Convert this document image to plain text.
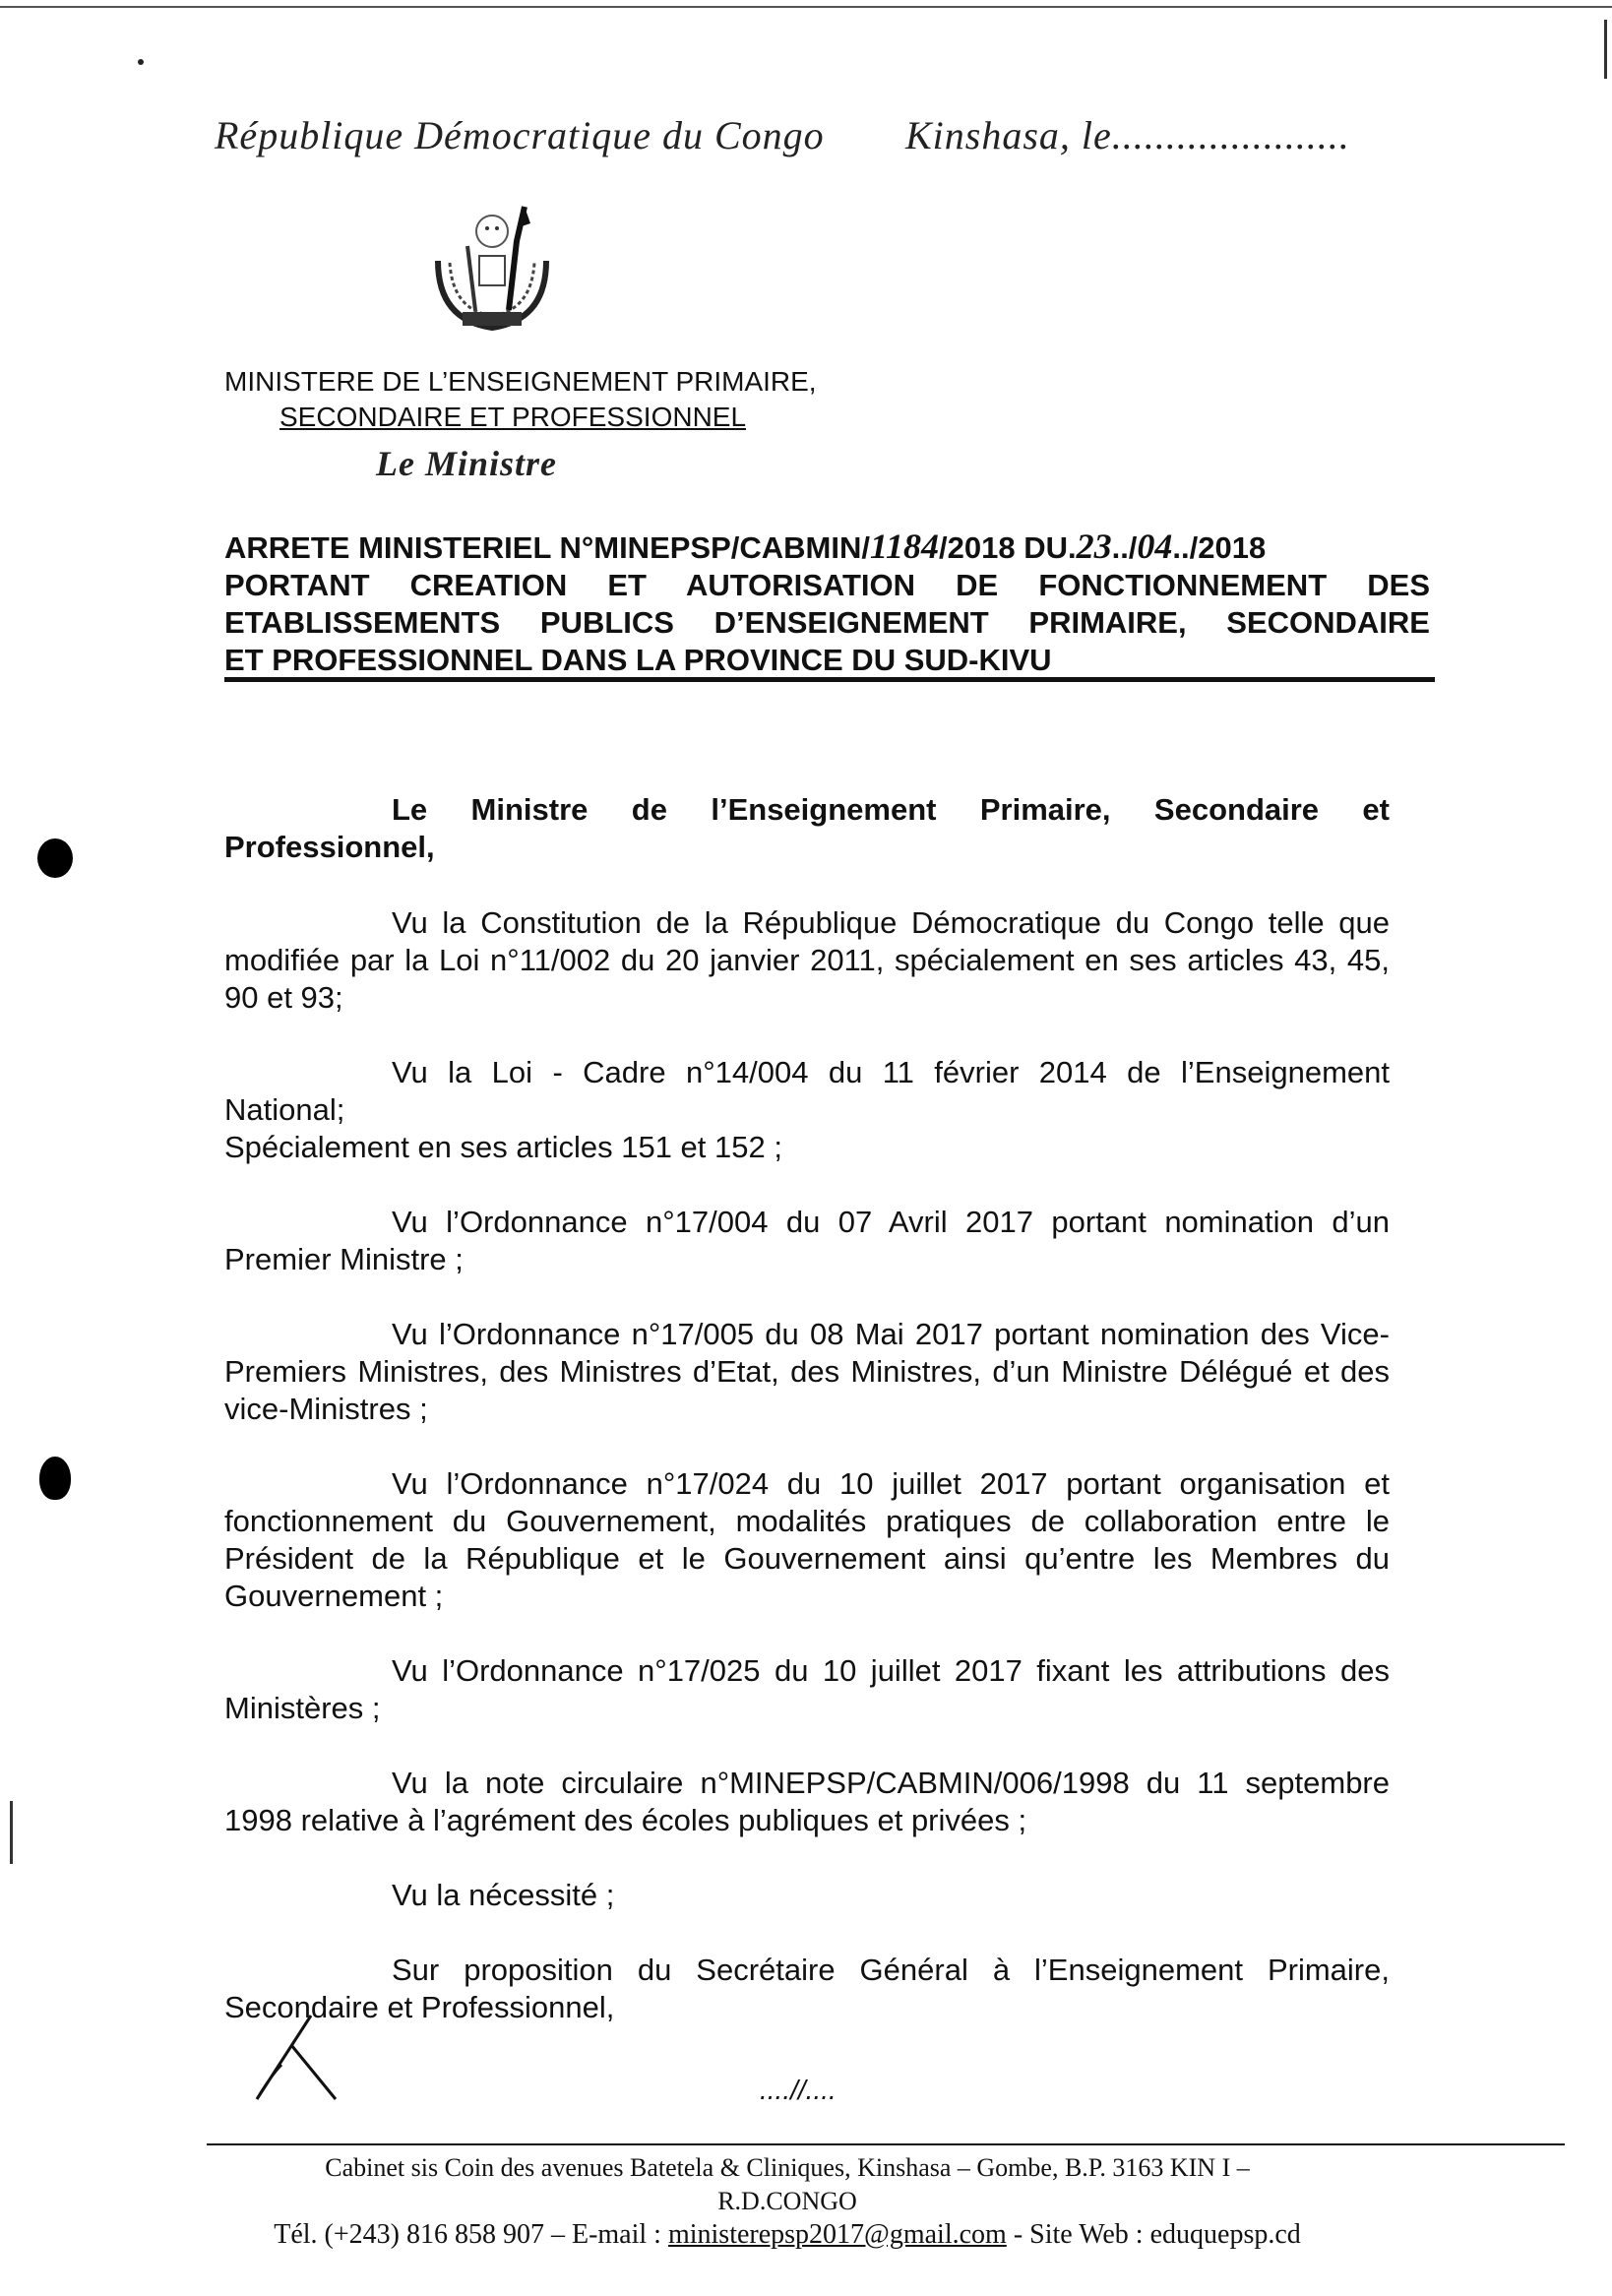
République Démocratique du Congo Kinshasa, le......................
MINISTERE DE L’ENSEIGNEMENT PRIMAIRE,
SECONDAIRE ET PROFESSIONNEL
Le Ministre
ARRETE MINISTERIEL N°MINEPSP/CABMIN/1184/2018 DU.23../04../2018
PORTANT CREATION ET AUTORISATION DE FONCTIONNEMENT DES
ETABLISSEMENTS PUBLICS D’ENSEIGNEMENT PRIMAIRE, SECONDAIRE
ET PROFESSIONNEL DANS LA PROVINCE DU SUD-KIVU
Le Ministre de l’Enseignement Primaire, Secondaire et Professionnel,
Vu la Constitution de la République Démocratique du Congo telle que modifiée par la Loi n°11/002 du 20 janvier 2011, spécialement en ses articles 43, 45, 90 et 93;
Vu la Loi - Cadre n°14/004 du 11 février 2014 de l’Enseignement
National;
Spécialement en ses articles 151 et 152 ;
Vu l’Ordonnance n°17/004 du 07 Avril 2017 portant nomination d’un Premier Ministre ;
Vu l’Ordonnance n°17/005 du 08 Mai 2017 portant nomination des Vice-Premiers Ministres, des Ministres d’Etat, des Ministres, d’un Ministre Délégué et des vice-Ministres ;
Vu l’Ordonnance n°17/024 du 10 juillet 2017 portant organisation et fonctionnement du Gouvernement, modalités pratiques de collaboration entre le Président de la République et le Gouvernement ainsi qu’entre les Membres du Gouvernement ;
Vu l’Ordonnance n°17/025 du 10 juillet 2017 fixant les attributions des Ministères ;
Vu la note circulaire n°MINEPSP/CABMIN/006/1998 du 11 septembre 1998 relative à l’agrément des écoles publiques et privées ;
Vu la nécessité ;
Sur proposition du Secrétaire Général à l’Enseignement Primaire, Secondaire et Professionnel,
....//....
Cabinet sis Coin des avenues Batetela & Cliniques, Kinshasa – Gombe, B.P. 3163 KIN I –
R.D.CONGO
Tél. (+243) 816 858 907 – E-mail : ministerepsp2017@gmail.com - Site Web : eduquepsp.cd
